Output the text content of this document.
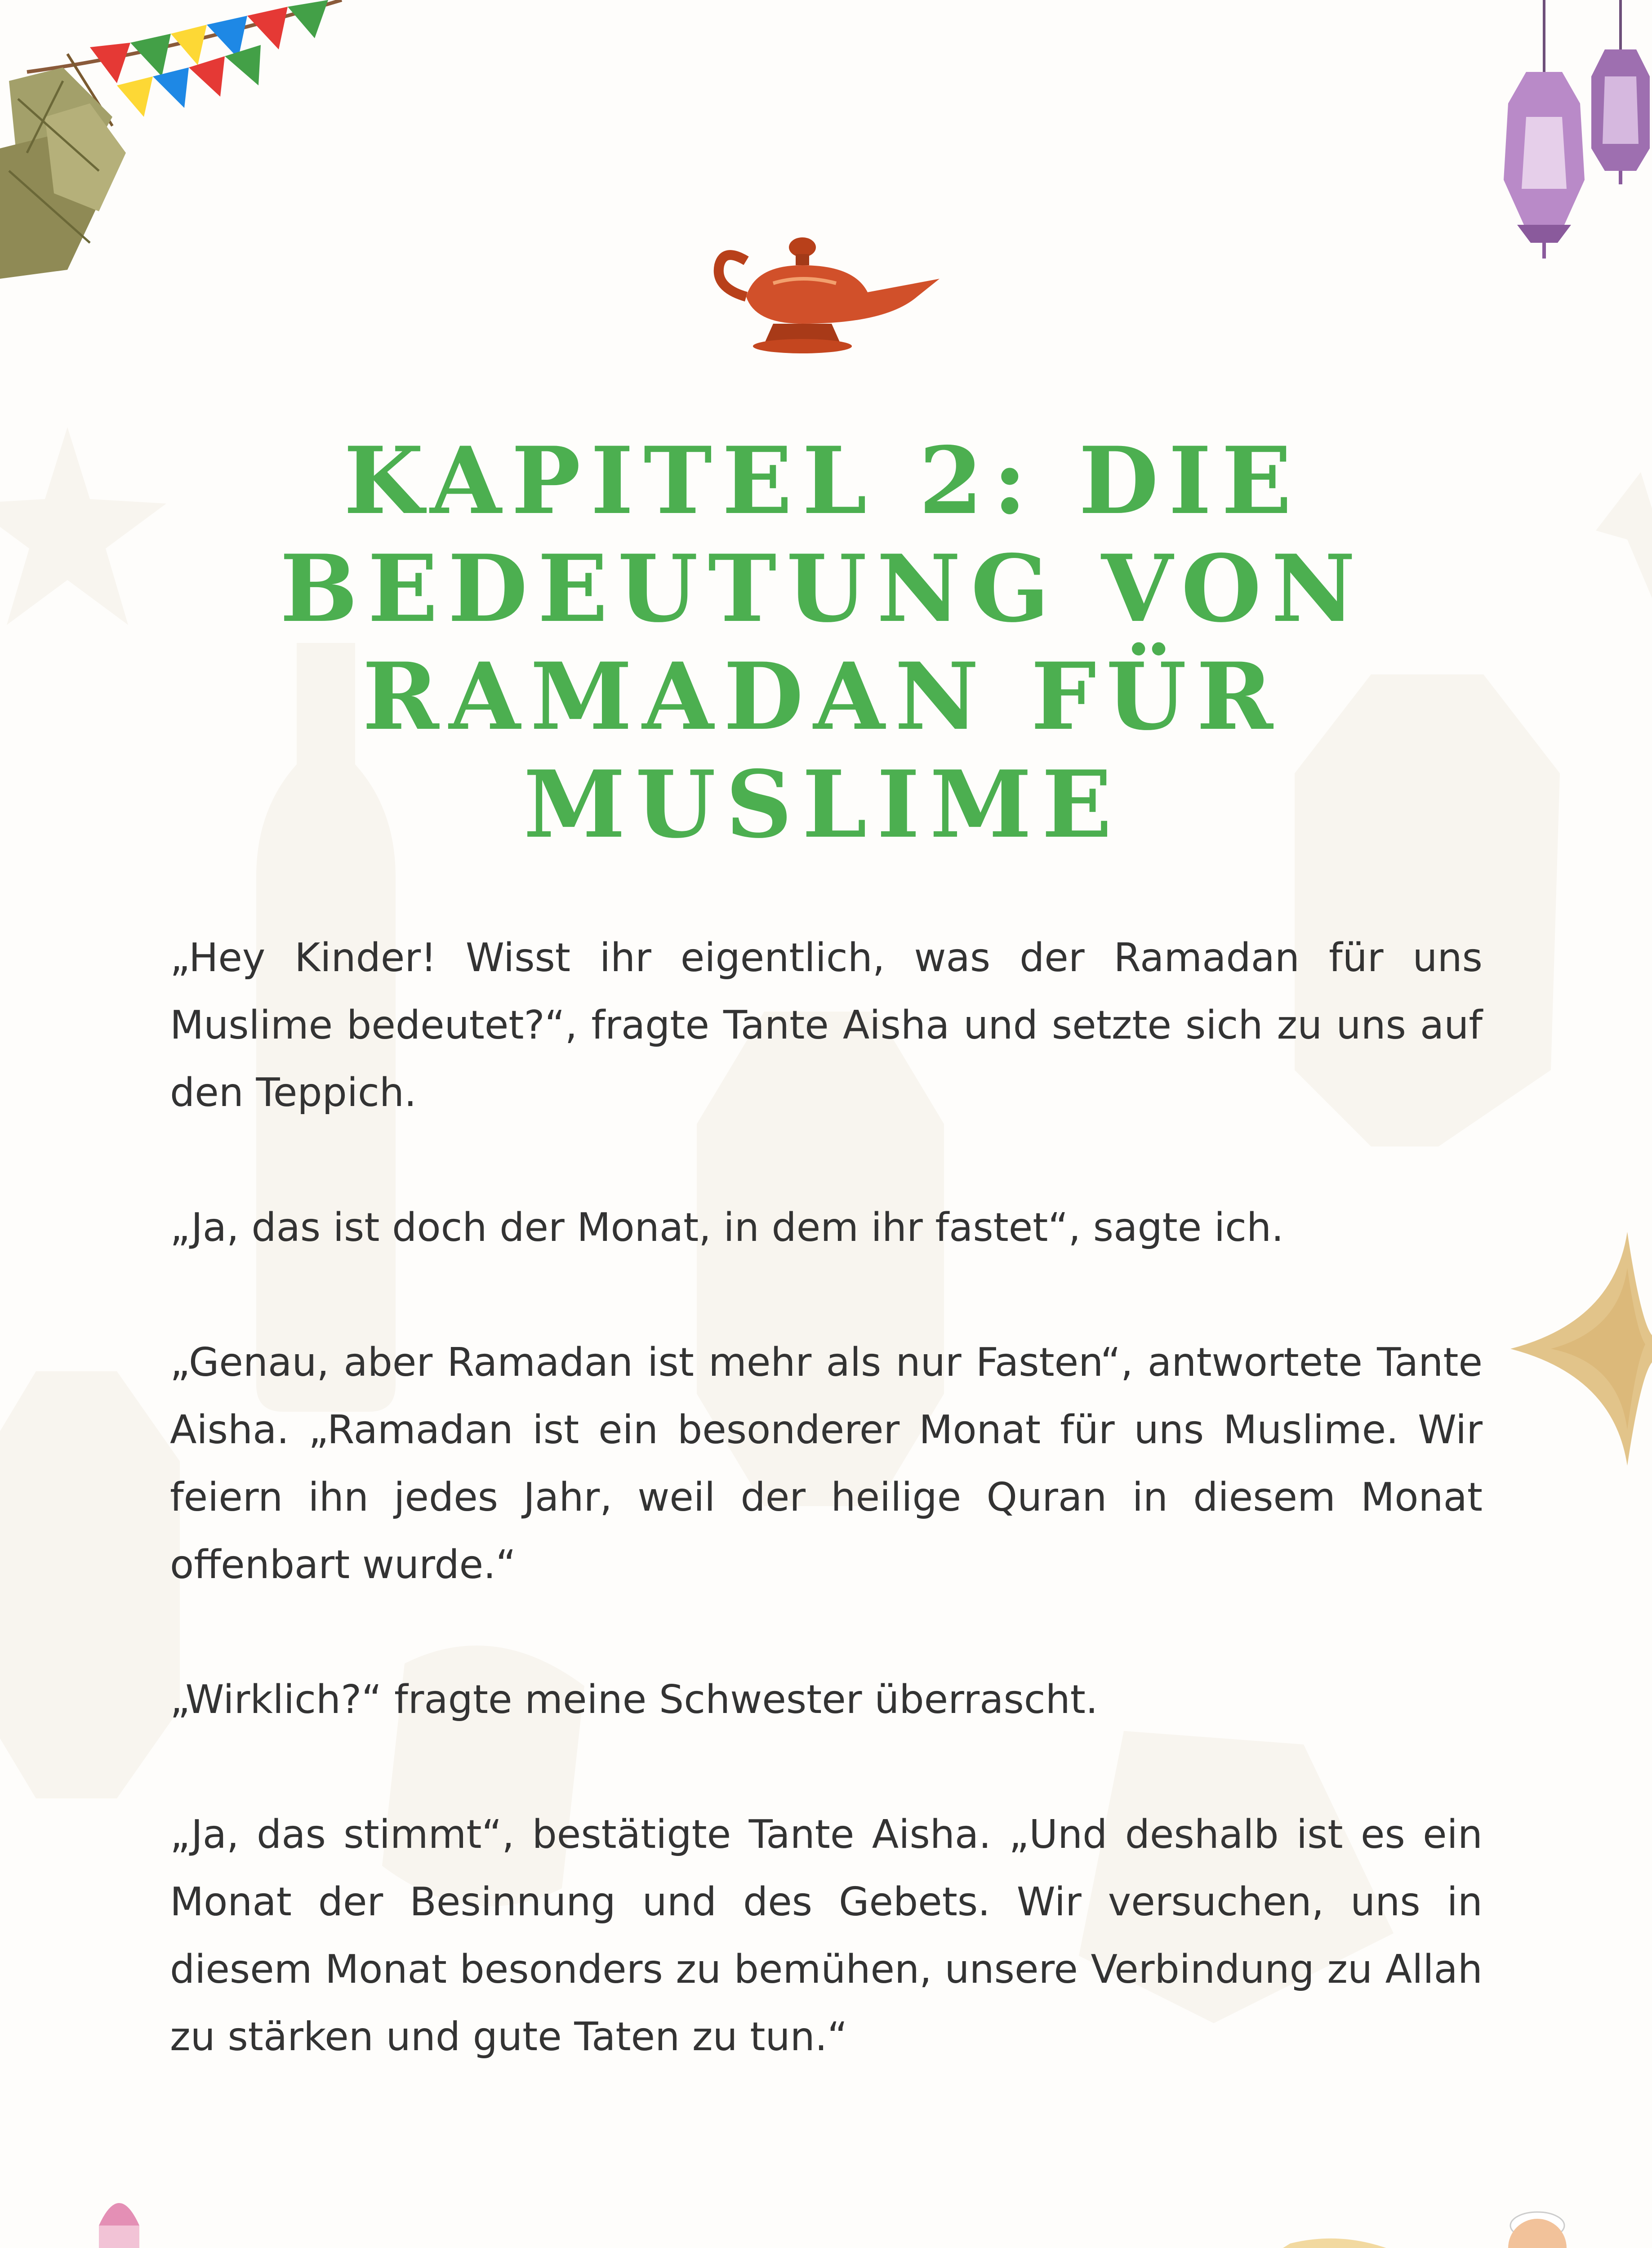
KAPITEL 2: DIE
BEDEUTUNG VON
RAMADAN FÜR
MUSLIME

„Hey Kinder! Wisst ihr eigentlich, was der Ramadan für uns Muslime bedeutet?“, fragte Tante Aisha und setzte sich zu uns auf den Teppich.

„Ja, das ist doch der Monat, in dem ihr fastet“, sagte ich.

„Genau, aber Ramadan ist mehr als nur Fasten“, antwortete Tante Aisha. „Ramadan ist ein besonderer Monat für uns Muslime. Wir feiern ihn jedes Jahr, weil der heilige Quran in diesem Monat offenbart wurde.“

„Wirklich?“ fragte meine Schwester überrascht.

„Ja, das stimmt“, bestätigte Tante Aisha. „Und deshalb ist es ein Monat der Besinnung und des Gebets. Wir versuchen, uns in diesem Monat besonders zu bemühen, unsere Verbindung zu Allah zu stärken und gute Taten zu tun.“
